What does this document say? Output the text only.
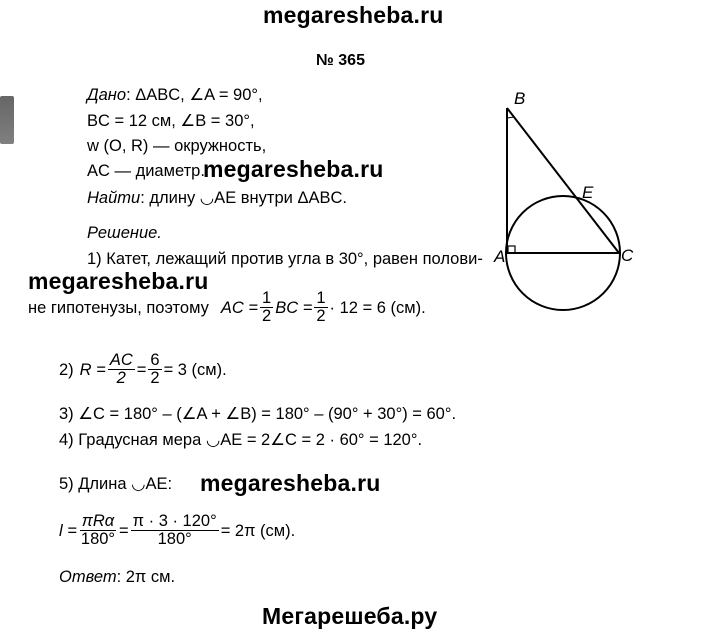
megaresheba.ru
№ 365
Дано: ΔABC, ∠A = 90°,
BC = 12 см, ∠B = 30°,
w (O, R) — окружность,
AC — диаметр.
megaresheba.ru
Найти: длину ◡AE внутри ΔABC.
Решение.
1) Катет, лежащий против угла в 30°, равен полови-
megaresheba.ru
не гипотенузы, поэтому AC = $\frac{1}{2}$ BC = $\frac{1}{2} \cdot 12 = 6$ (см).
2) $R = \frac{AC}{2} = \frac{6}{2} = 3$ (см).
3) ∠C = 180° – (∠A + ∠B) = 180° – (90° + 30°) = 60°.
4) Градусная мера ◡AE = 2∠C = 2 · 60° = 120°.
5) Длина ◡AE: megaresheba.ru
$l = \frac{\text{πRα}}{180^\circ} = \frac{\pi \cdot 3 \cdot 120^\circ}{180^\circ} = 2\pi$ (см).
Ответ: 2π см.
Мегарешеба.ру
B
A	C
E
